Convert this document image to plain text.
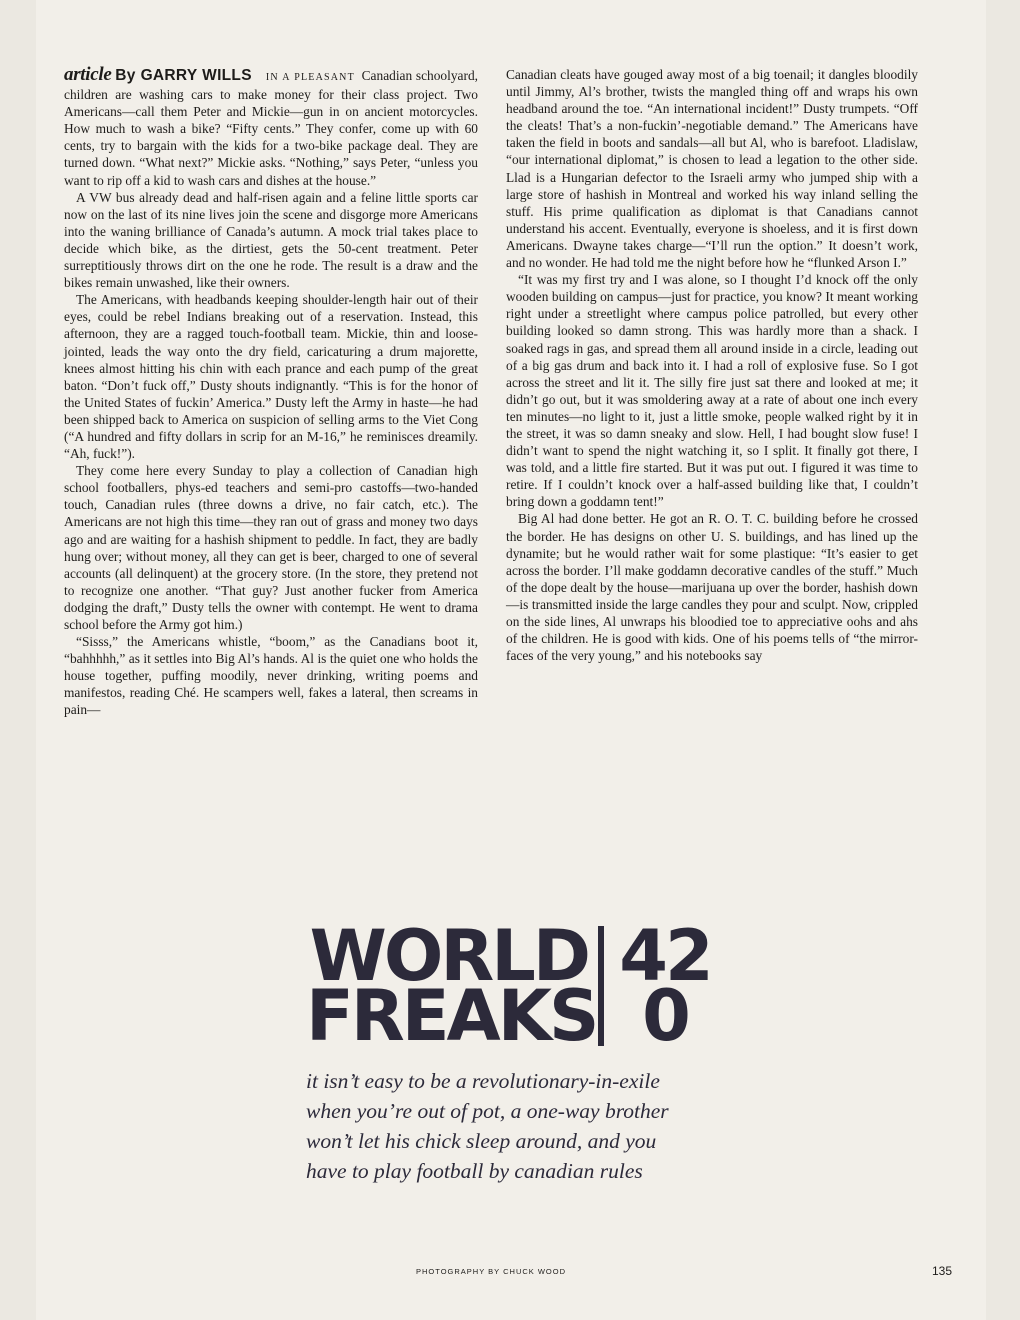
article By GARRY WILLS IN A PLEASANT Canadian schoolyard, children are washing cars to make money for their class project. Two Americans—call them Peter and Mickie—gun in on ancient motorcycles. How much to wash a bike? “Fifty cents.” They confer, come up with 60 cents, try to bargain with the kids for a two-bike package deal. They are turned down. “What next?” Mickie asks. “Nothing,” says Peter, “unless you want to rip off a kid to wash cars and dishes at the house.”

A VW bus already dead and half-risen again and a feline little sports car now on the last of its nine lives join the scene and disgorge more Americans into the waning brilliance of Canada’s autumn. A mock trial takes place to decide which bike, as the dirtiest, gets the 50-cent treatment. Peter surreptitiously throws dirt on the one he rode. The result is a draw and the bikes remain unwashed, like their owners.

The Americans, with headbands keeping shoulder-length hair out of their eyes, could be rebel Indians breaking out of a reservation. Instead, this afternoon, they are a ragged touch-football team. Mickie, thin and loose-jointed, leads the way onto the dry field, caricaturing a drum majorette, knees almost hitting his chin with each prance and each pump of the great baton. “Don’t fuck off,” Dusty shouts indignantly. “This is for the honor of the United States of fuckin’ America.” Dusty left the Army in haste—he had been shipped back to America on suspicion of selling arms to the Viet Cong (“A hundred and fifty dollars in scrip for an M-16,” he reminisces dreamily. “Ah, fuck!”).

They come here every Sunday to play a collection of Canadian high school footballers, phys-ed teachers and semi-pro castoffs—two-handed touch, Canadian rules (three downs a drive, no fair catch, etc.). The Americans are not high this time—they ran out of grass and money two days ago and are waiting for a hashish shipment to peddle. In fact, they are badly hung over; without money, all they can get is beer, charged to one of several accounts (all delinquent) at the grocery store. (In the store, they pretend not to recognize one another. “That guy? Just another fucker from America dodging the draft,” Dusty tells the owner with contempt. He went to drama school before the Army got him.)

“Sisss,” the Americans whistle, “boom,” as the Canadians boot it, “bahhhhh,” as it settles into Big Al’s hands. Al is the quiet one who holds the house together, puffing moodily, never drinking, writing poems and manifestos, reading Ché. He scampers well, fakes a lateral, then screams in pain—

Canadian cleats have gouged away most of a big toenail; it dangles bloodily until Jimmy, Al’s brother, twists the mangled thing off and wraps his own headband around the toe. “An international incident!” Dusty trumpets. “Off the cleats! That’s a non-fuckin’-negotiable demand.” The Americans have taken the field in boots and sandals—all but Al, who is barefoot. Lladislaw, “our international diplomat,” is chosen to lead a legation to the other side. Llad is a Hungarian defector to the Israeli army who jumped ship with a large store of hashish in Montreal and worked his way inland selling the stuff. His prime qualification as diplomat is that Canadians cannot understand his accent. Eventually, everyone is shoeless, and it is first down Americans. Dwayne takes charge—“I’ll run the option.” It doesn’t work, and no wonder. He had told me the night before how he “flunked Arson I.”

“It was my first try and I was alone, so I thought I’d knock off the only wooden building on campus—just for practice, you know? It meant working right under a streetlight where campus police patrolled, but every other building looked so damn strong. This was hardly more than a shack. I soaked rags in gas, and spread them all around inside in a circle, leading out of a big gas drum and back into it. I had a roll of explosive fuse. So I got across the street and lit it. The silly fire just sat there and looked at me; it didn’t go out, but it was smoldering away at a rate of about one inch every ten minutes—no light to it, just a little smoke, people walked right by it in the street, it was so damn sneaky and slow. Hell, I had bought slow fuse! I didn’t want to spend the night watching it, so I split. It finally got there, I was told, and a little fire started. But it was put out. I figured it was time to retire. If I couldn’t knock over a half-assed building like that, I couldn’t bring down a goddamn tent!”

Big Al had done better. He got an R. O. T. C. building before he crossed the border. He has designs on other U. S. buildings, and has lined up the dynamite; but he would rather wait for some plastique: “It’s easier to get across the border. I’ll make goddamn decorative candles of the stuff.” Much of the dope dealt by the house—marijuana up over the border, hashish down—is transmitted inside the large candles they pour and sculpt. Now, crippled on the side lines, Al unwraps his bloodied toe to appreciative oohs and ahs of the children. He is good with kids. One of his poems tells of “the mirror-faces of the very young,” and his notebooks say

WORLD 42
FREAKS 0
it isn’t easy to be a revolutionary-in-exile
when you’re out of pot, a one-way brother
won’t let his chick sleep around, and you
have to play football by canadian rules
PHOTOGRAPHY BY CHUCK WOOD	135
